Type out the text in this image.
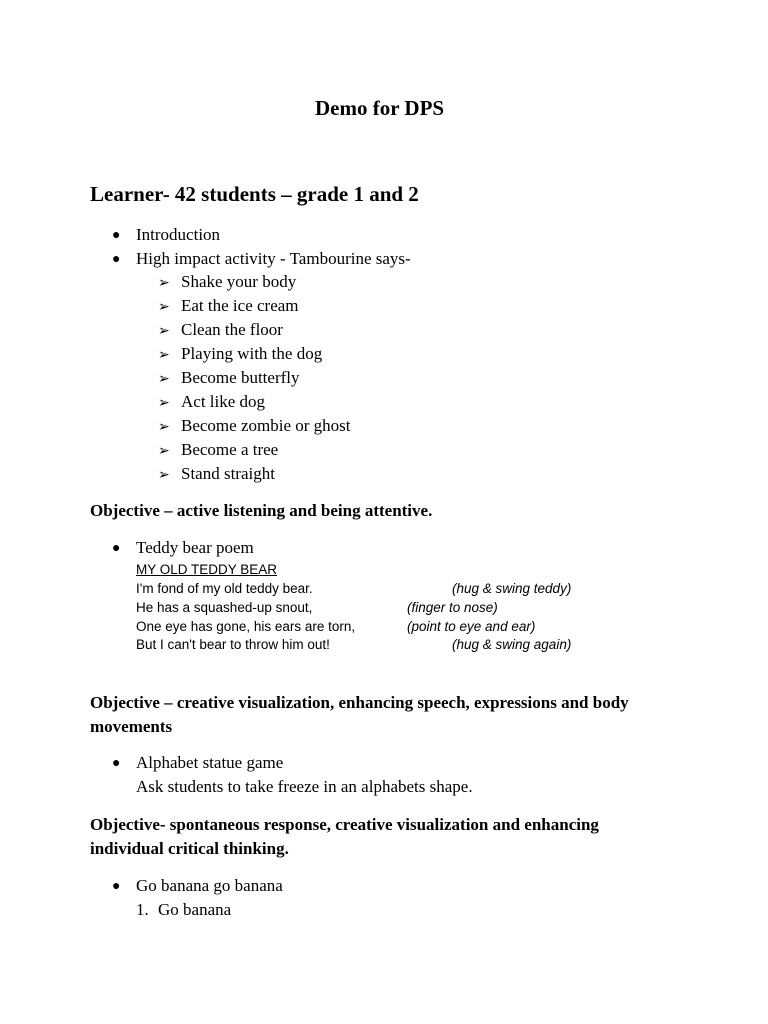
Demo for DPS
Learner- 42 students – grade 1 and 2
● Introduction
● High impact activity - Tambourine says-
➢ Shake your body
➢ Eat the ice cream
➢ Clean the floor
➢ Playing with the dog
➢ Become butterfly
➢ Act like dog
➢ Become zombie or ghost
➢ Become a tree
➢ Stand straight
Objective – active listening and being attentive.
● Teddy bear poem
MY OLD TEDDY BEAR
I'm fond of my old teddy bear.	(hug & swing teddy)
He has a squashed-up snout,	(finger to nose)
One eye has gone, his ears are torn,	(point to eye and ear)
But I can't bear to throw him out!	(hug & swing again)
Objective – creative visualization, enhancing speech, expressions and body movements
● Alphabet statue game
Ask students to take freeze in an alphabets shape.
Objective- spontaneous response, creative visualization and enhancing individual critical thinking.
● Go banana go banana
1. Go banana
